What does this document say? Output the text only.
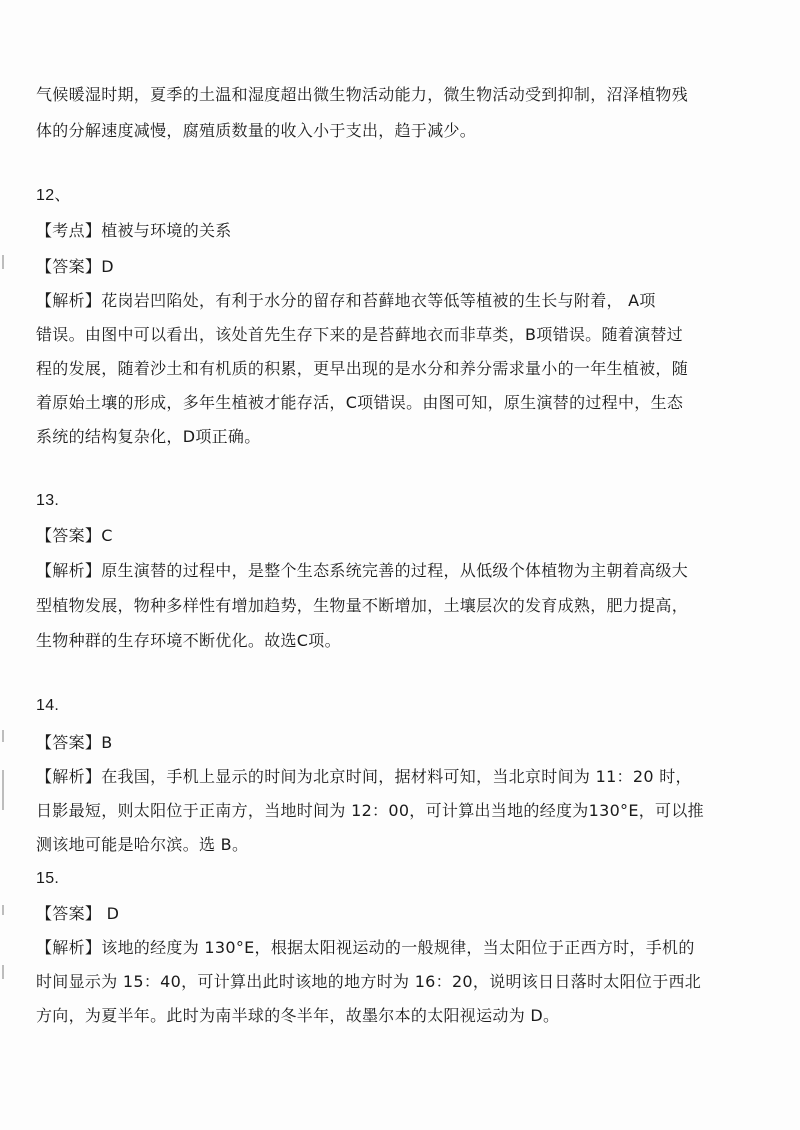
气候暖湿时期，夏季的土温和湿度超出微生物活动能力，微生物活动受到抑制，沼泽植物残
体的分解速度减慢，腐殖质数量的收入小于支出，趋于减少。
12、
【考点】植被与环境的关系
【答案】D
【解析】花岗岩凹陷处，有利于水分的留存和苔藓地衣等低等植被的生长与附着， A项
错误。由图中可以看出，该处首先生存下来的是苔藓地衣而非草类，B项错误。随着演替过
程的发展，随着沙土和有机质的积累，更早出现的是水分和养分需求量小的一年生植被，随
着原始土壤的形成，多年生植被才能存活，C项错误。由图可知，原生演替的过程中，生态
系统的结构复杂化，D项正确。
13.
【答案】C
【解析】原生演替的过程中，是整个生态系统完善的过程，从低级个体植物为主朝着高级大
型植物发展，物种多样性有增加趋势，生物量不断增加，土壤层次的发育成熟，肥力提高，
生物种群的生存环境不断优化。故选C项。
14.
【答案】B
【解析】在我国，手机上显示的时间为北京时间，据材料可知，当北京时间为 11：20 时，
日影最短，则太阳位于正南方，当地时间为 12：00，可计算出当地的经度为130°E，可以推
测该地可能是哈尔滨。选 B。
15.
【答案】 D
【解析】该地的经度为 130°E，根据太阳视运动的一般规律，当太阳位于正西方时，手机的
时间显示为 15：40，可计算出此时该地的地方时为 16：20，说明该日日落时太阳位于西北
方向，为夏半年。此时为南半球的冬半年，故墨尔本的太阳视运动为 D。
